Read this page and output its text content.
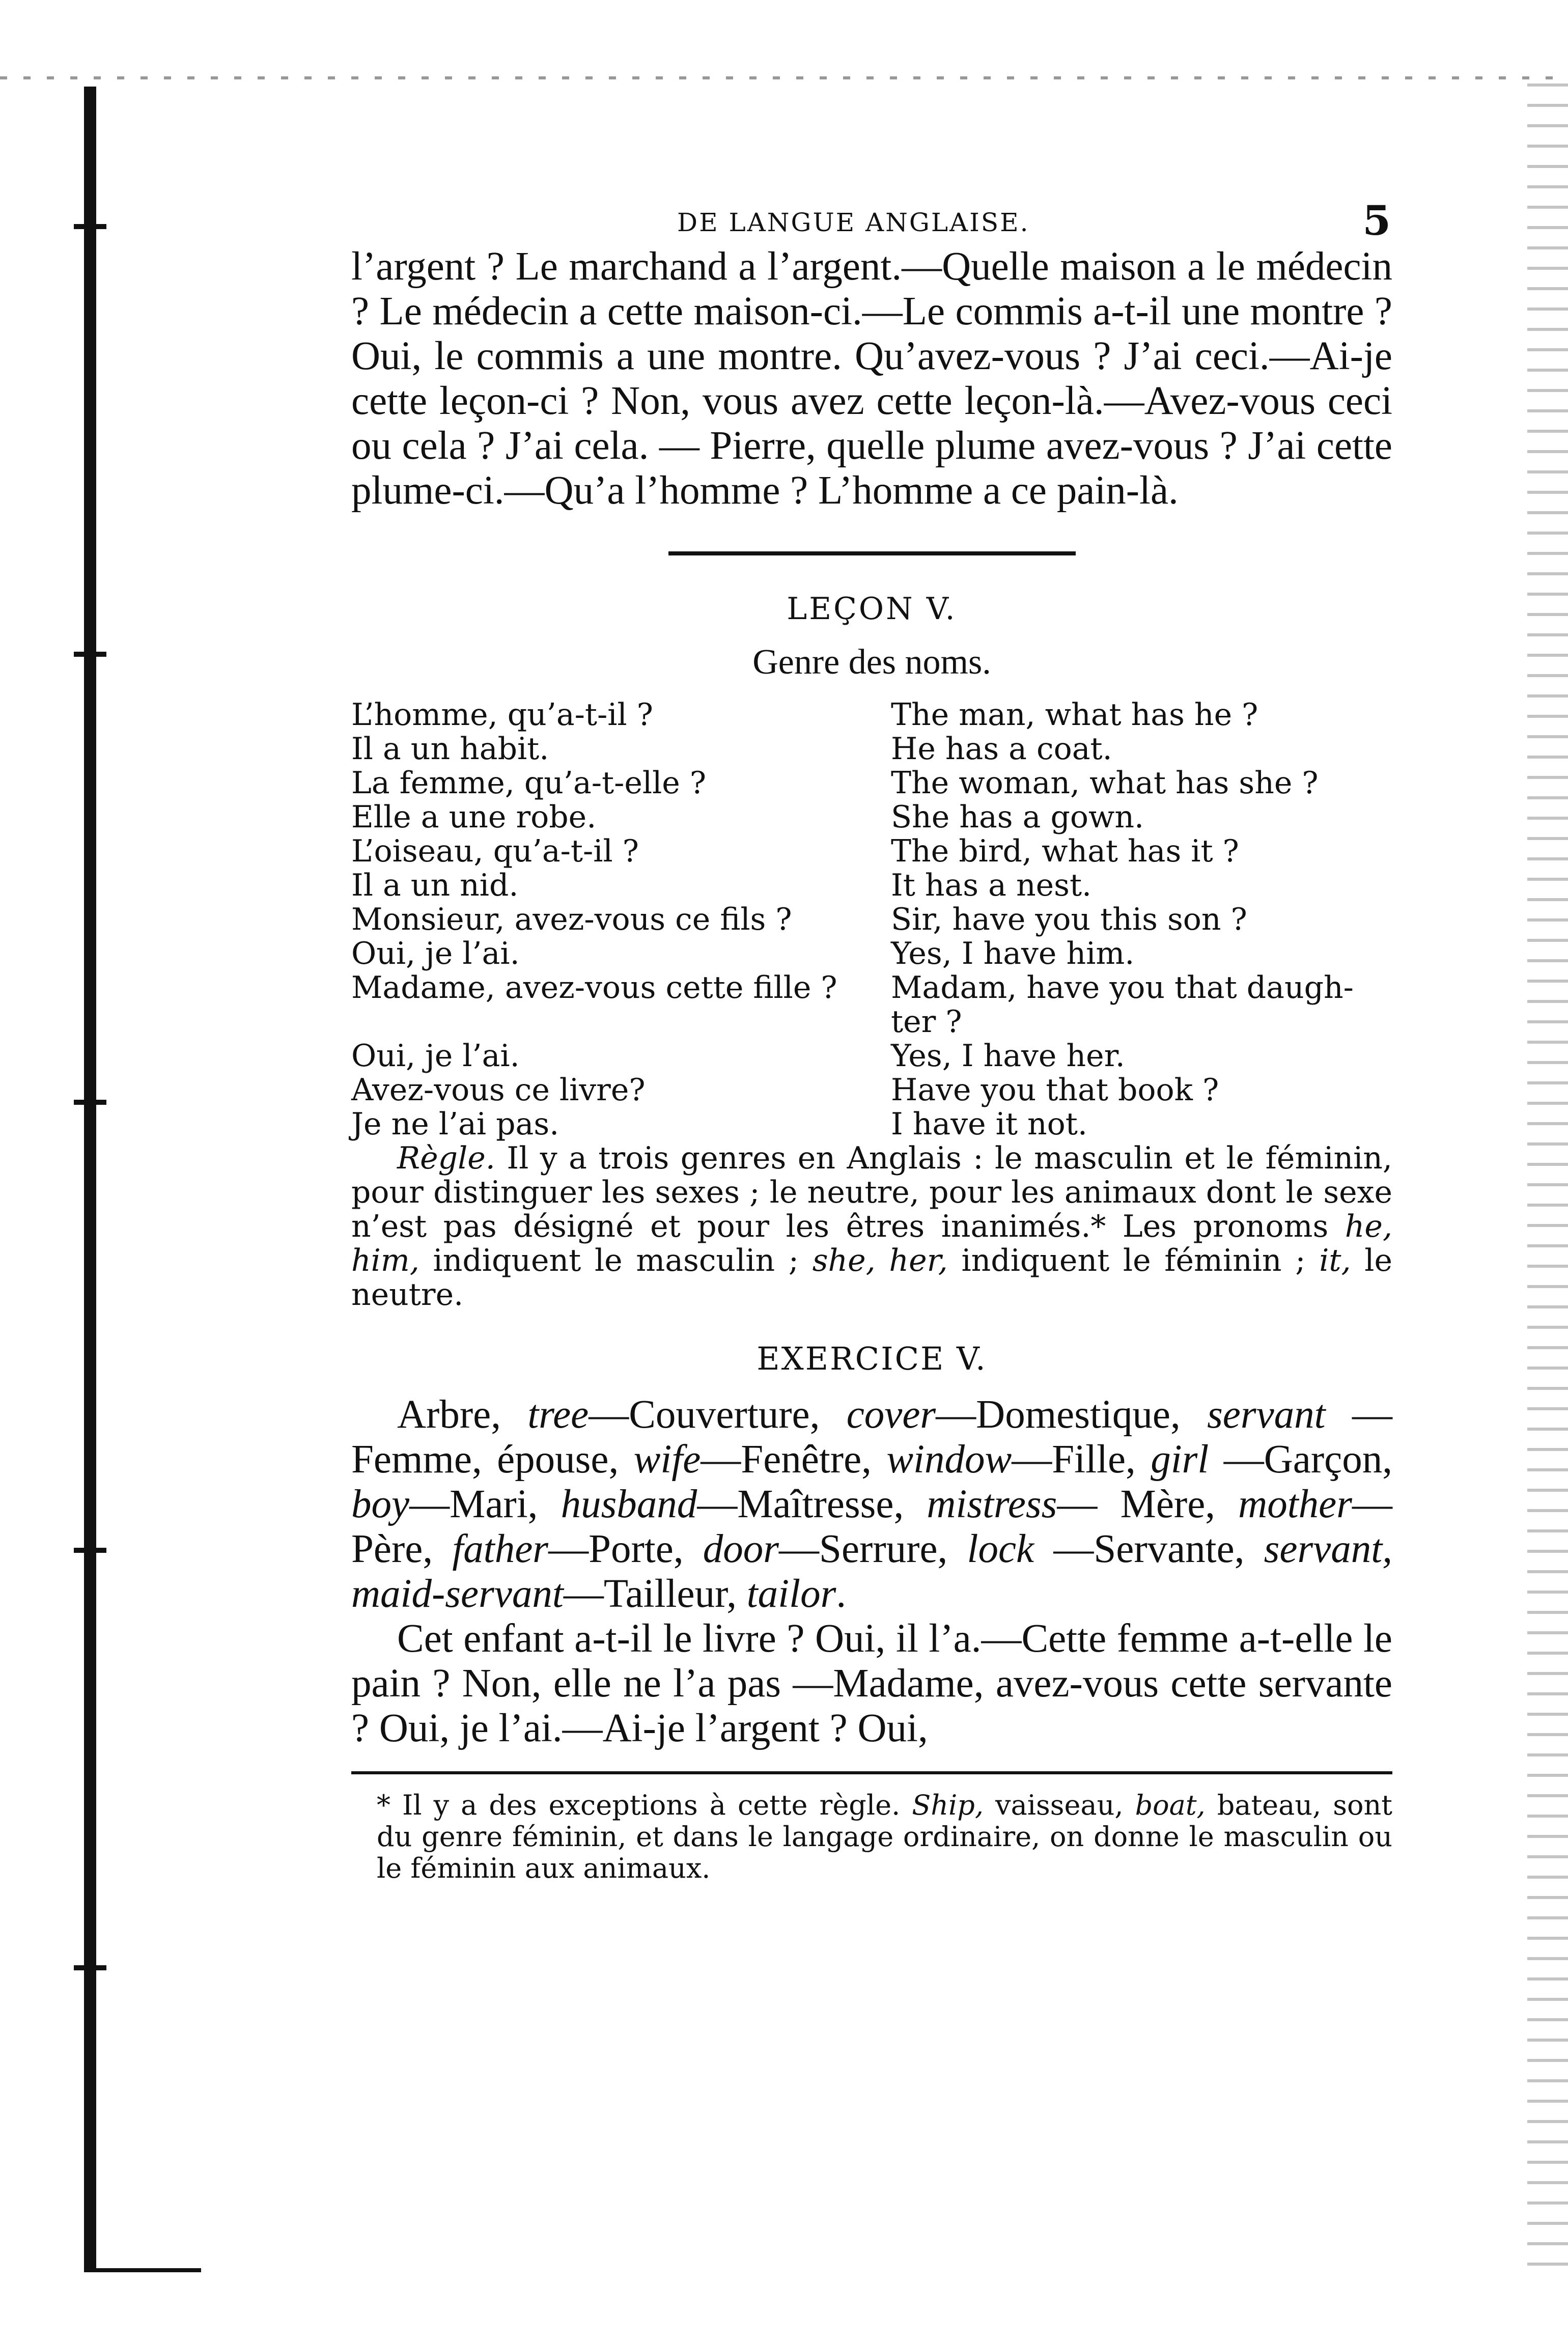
DE LANGUE ANGLAISE.	5

l’argent ? Le marchand a l’argent.—Quelle maison a le médecin ? Le médecin a cette maison-ci.—Le commis a-t-il une montre ? Oui, le commis a une montre. Qu’avez-vous ? J’ai ceci.—Ai-je cette leçon-ci ? Non, vous avez cette leçon-là.—Avez-vous ceci ou cela ? J’ai cela. — Pierre, quelle plume avez-vous ? J’ai cette plume-ci.—Qu’a l’homme ? L’homme a ce pain-là.

LEÇON V.

Genre des noms.

L’homme, qu’a-t-il ?	The man, what has he ?
Il a un habit.	He has a coat.
La femme, qu’a-t-elle ?	The woman, what has she ?
Elle a une robe.	She has a gown.
L’oiseau, qu’a-t-il ?	The bird, what has it ?
Il a un nid.	It has a nest.
Monsieur, avez-vous ce fils ?	Sir, have you this son ?
Oui, je l’ai.	Yes, I have him.
Madame, avez-vous cette fille ?	Madam, have you that daugh-ter ?
Oui, je l’ai.	Yes, I have her.
Avez-vous ce livre?	Have you that book ?
Je ne l’ai pas.	I have it not.

Règle. Il y a trois genres en Anglais : le masculin et le féminin, pour distinguer les sexes ; le neutre, pour les animaux dont le sexe n’est pas désigné et pour les êtres inanimés.* Les pronoms he, him, indiquent le masculin ; she, her, indiquent le féminin ; it, le neutre.

EXERCICE V.

Arbre, tree—Couverture, cover—Domestique, servant —Femme, épouse, wife—Fenêtre, window—Fille, girl —Garçon, boy—Mari, husband—Maîtresse, mistress— Mère, mother—Père, father—Porte, door—Serrure, lock —Servante, servant, maid-servant—Tailleur, tailor.

Cet enfant a-t-il le livre ? Oui, il l’a.—Cette femme a-t-elle le pain ? Non, elle ne l’a pas —Madame, avez-vous cette servante ? Oui, je l’ai.—Ai-je l’argent ? Oui,

* Il y a des exceptions à cette règle. Ship, vaisseau, boat, bateau, sont du genre féminin, et dans le langage ordinaire, on donne le masculin ou le féminin aux animaux.
